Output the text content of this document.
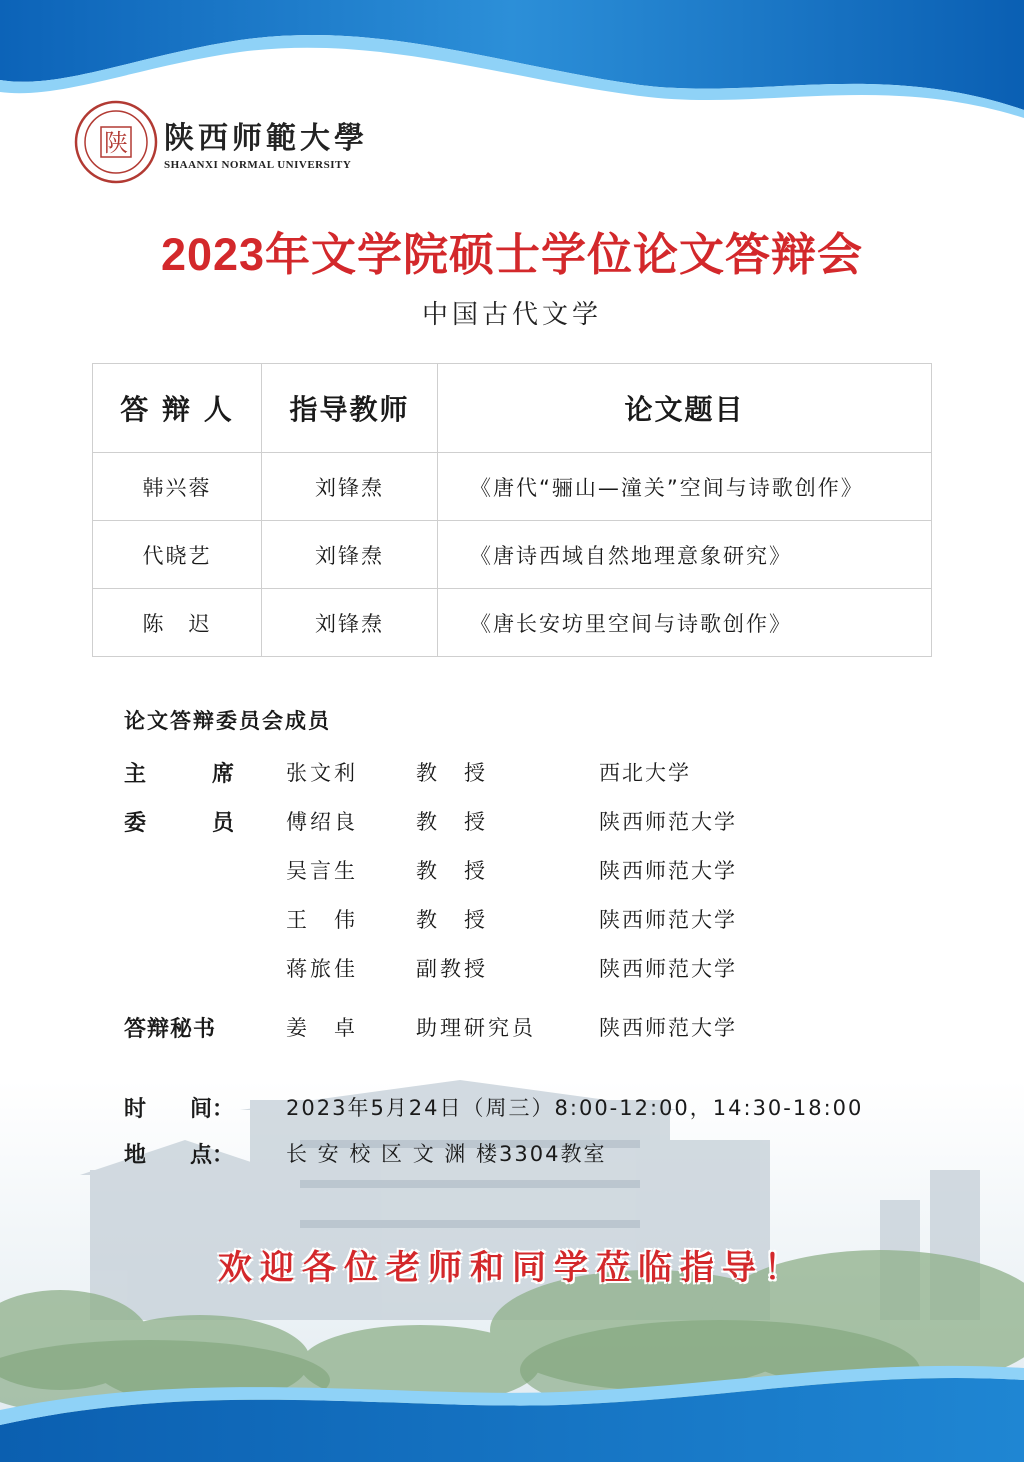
陕 陕西师範大學
SHAANXI NORMAL UNIVERSITY
2023年文学院硕士学位论文答辩会
中国古代文学
答 辩 人	指导教师	论文题目
韩兴蓉	刘锋焘	《唐代“骊山—潼关”空间与诗歌创作》
代晓艺	刘锋焘	《唐诗西域自然地理意象研究》
陈　迟	刘锋焘	《唐长安坊里空间与诗歌创作》
论文答辩委员会成员
主	席 张文利	教　授	西北大学
委	员 傅绍良	教　授	陕西师范大学
吴言生	教　授	陕西师范大学
王　伟	教　授	陕西师范大学
蒋旅佳	副教授	陕西师范大学
答辩秘书	姜　卓	助理研究员	陕西师范大学
时 间： 2023年5月24日（周三）8:00-12:00，14:30-18:00
地 点： 长 安 校 区 文 渊 楼3304教室
欢迎各位老师和同学莅临指导！
